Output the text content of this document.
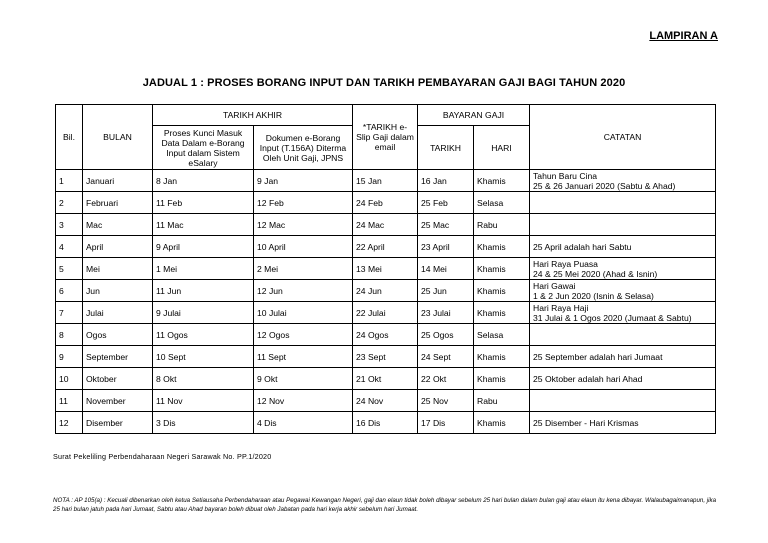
LAMPIRAN A
JADUAL 1 : PROSES BORANG INPUT DAN TARIKH PEMBAYARAN GAJI BAGI TAHUN 2020
Bil.	BULAN	TARIKH AKHIR		*TARIKH e-Slip Gaji dalam email	BAYARAN GAJI		CATATAN
		Proses Kunci Masuk Data Dalam e-Borang Input dalam Sistem eSalary	Dokumen e-Borang Input (T.156A) Diterma Oleh Unit Gaji, JPNS		TARIKH	HARI	
1	Januari	8 Jan	9 Jan	15 Jan	16 Jan	Khamis	Tahun Baru Cina
25 & 26 Januari 2020 (Sabtu & Ahad)

2	Februari	11 Feb	12 Feb	24 Feb	25 Feb	Selasa	
3	Mac	11 Mac	12 Mac	24 Mac	25 Mac	Rabu	
4	April	9 April	10 April	22 April	23 April	Khamis	25 April adalah hari Sabtu

5	Mei	1 Mei	2 Mei	13 Mei	14 Mei	Khamis	Hari Raya Puasa
24 & 25 Mei 2020 (Ahad & Isnin)

6	Jun	11 Jun	12 Jun	24 Jun	25 Jun	Khamis	Hari Gawai
1 & 2 Jun 2020 (Isnin & Selasa)

7	Julai	9 Julai	10 Julai	22 Julai	23 Julai	Khamis	Hari Raya Haji
31 Julai & 1 Ogos 2020 (Jumaat & Sabtu)

8	Ogos	11 Ogos	12 Ogos	24 Ogos	25 Ogos	Selasa	
9	September	10 Sept	11 Sept	23 Sept	24 Sept	Khamis	25 September adalah hari Jumaat

10	Oktober	8 Okt	9 Okt	21 Okt	22 Okt	Khamis	25 Oktober adalah hari Ahad

11	November	11 Nov	12 Nov	24 Nov	25 Nov	Rabu	
12	Disember	3 Dis	4 Dis	16 Dis	17 Dis	Khamis	25 Disember - Hari Krismas
Surat Pekeliling Perbendaharaan Negeri Sarawak No. PP.1/2020
NOTA : AP 105(a) : Kecuali dibenarkan oleh ketua Setiausaha Perbendaharaan atau Pegawai Kewangan Negeri, gaji dan elaun tidak boleh dibayar sebelum 25 hari bulan dalam bulan gaji atau elaun itu kena dibayar. Walaubagaimanapun, jika 25 hari bulan jatuh pada hari Jumaat, Sabtu atau Ahad bayaran boleh dibuat oleh Jabatan pada hari kerja akhir sebelum hari Jumaat.
